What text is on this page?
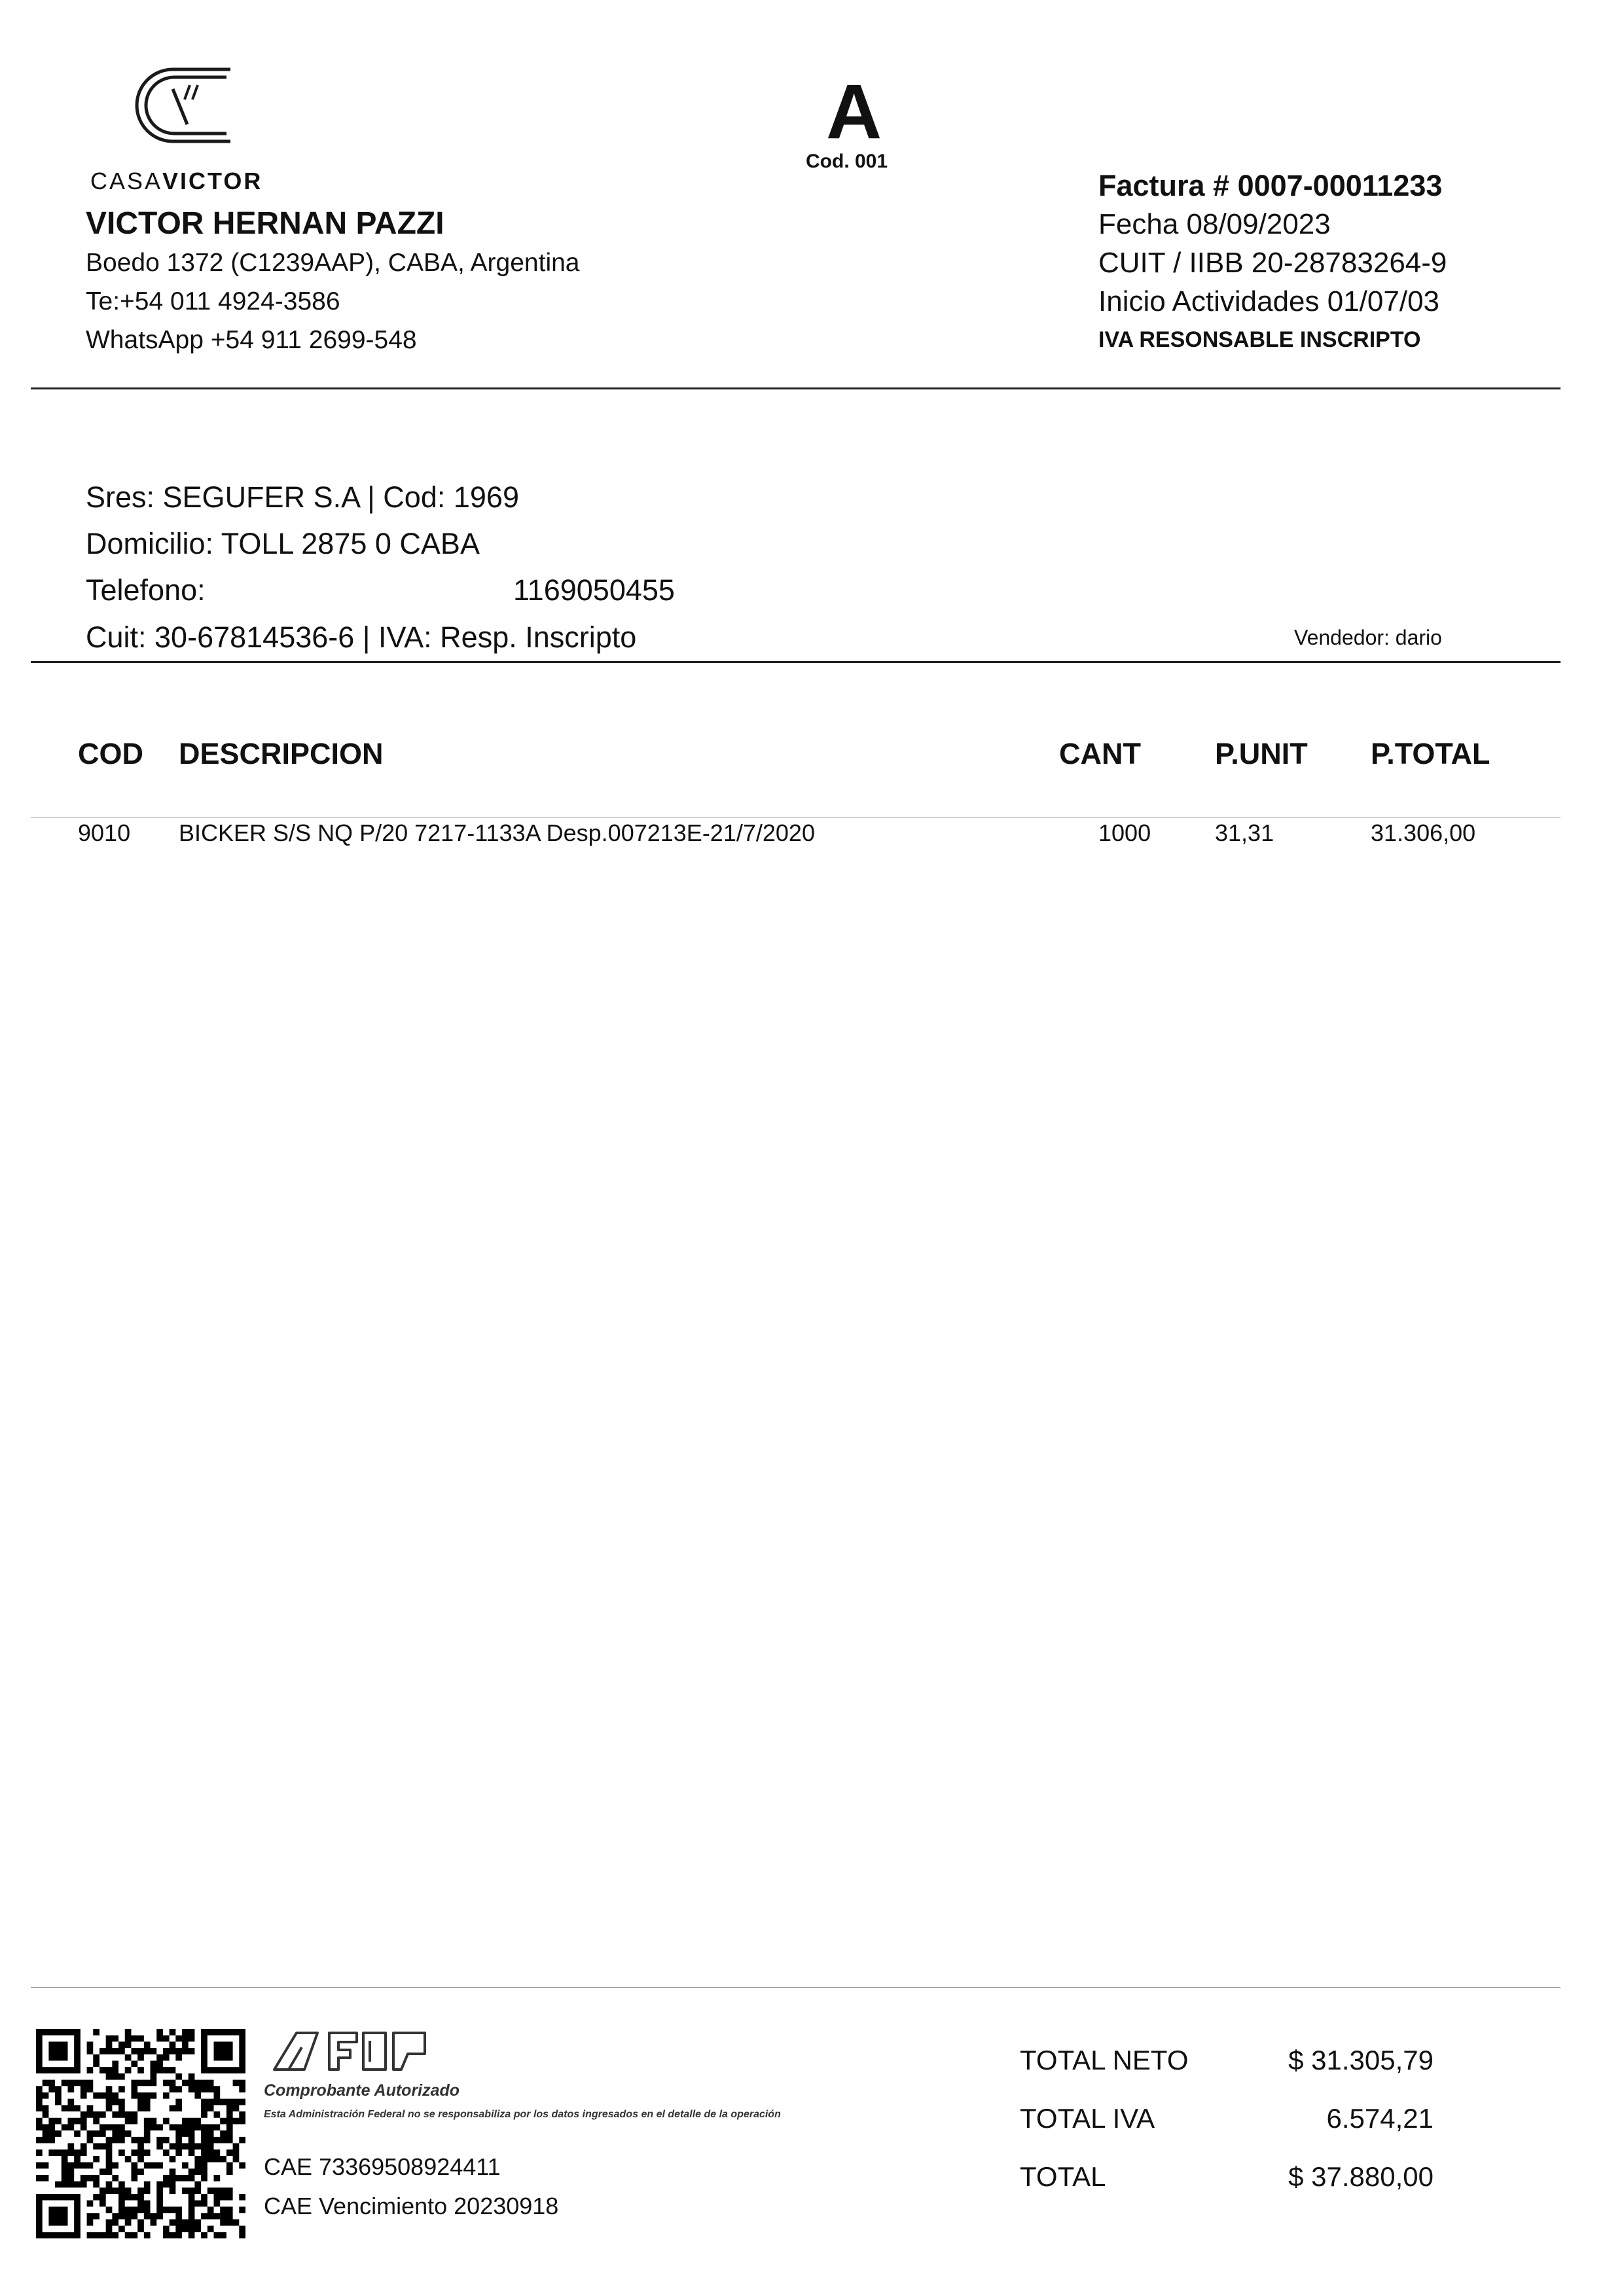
CASAVICTOR
A
Cod. 001
VICTOR HERNAN PAZZI
Boedo 1372 (C1239AAP), CABA, Argentina
Te:+54 011 4924-3586
WhatsApp +54 911 2699-548
Factura # 0007-00011233
Fecha 08/09/2023
CUIT / IIBB 20-28783264-9
Inicio Actividades 01/07/03
IVA RESONSABLE INSCRIPTO
Sres: SEGUFER S.A | Cod: 1969
Domicilio: TOLL 2875 0 CABA
Telefono:	1169050455
Cuit: 30-67814536-6 | IVA: Resp. Inscripto	Vendedor: dario
COD DESCRIPCION	CANT	P.UNIT P.TOTAL
9010 BICKER S/S NQ P/20 7217-1133A Desp.007213E-21/7/2020	1000	31,31	31.306,00
Comprobante Autorizado
Esta Administración Federal no se responsabiliza por los datos ingresados en el detalle de la operación
CAE 73369508924411
CAE Vencimiento 20230918
TOTAL NETO	$ 31.305,79
TOTAL IVA	6.574,21
TOTAL	$ 37.880,00
